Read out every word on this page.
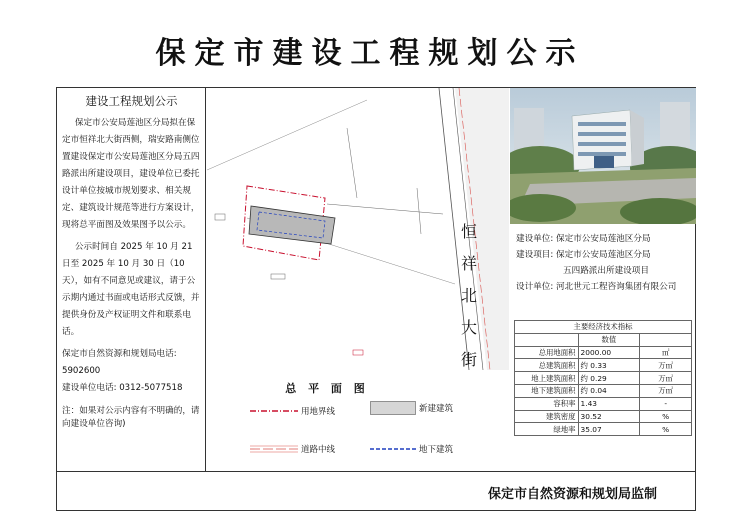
保定市建设工程规划公示
建设工程规划公示

保定市公安局莲池区分局拟在保定市恒祥北大街西侧，瑞安路南侧位置建设保定市公安局莲池区分局五四路派出所建设项目，建设单位已委托设计单位按城市规划要求、相关规定、建筑设计规范等进行方案设计，现将总平面图及效果图予以公示。

公示时间自 2025 年 10 月 21 日至 2025 年 10 月 30 日（10天），如有不同意见或建议，请于公示期内通过书面或电话形式反馈，并提供身份及产权证明文件和联系电话。

保定市自然资源和规划局电话:

5902600

建设单位电话: 0312-5077518

注：如果对公示内容有不明确的，请向建设单位咨询)

恒
祥
北
大
街
总 平 面 图
用地界线	新建建筑
道路中线	地下建筑
建设单位: 保定市公安局莲池区分局
建设项目: 保定市公安局莲池区分局
五四路派出所建设项目
设计单位: 河北世元工程咨询集团有限公司
主要经济技术指标		
	数值	
总用地面积	2000.00	㎡
总建筑面积	约 0.33	万㎡
地上建筑面积	约 0.29	万㎡
地下建筑面积	约 0.04	万㎡
容积率	1.43	-
建筑密度	30.52	%
绿地率	35.07	%
保定市自然资源和规划局监制
